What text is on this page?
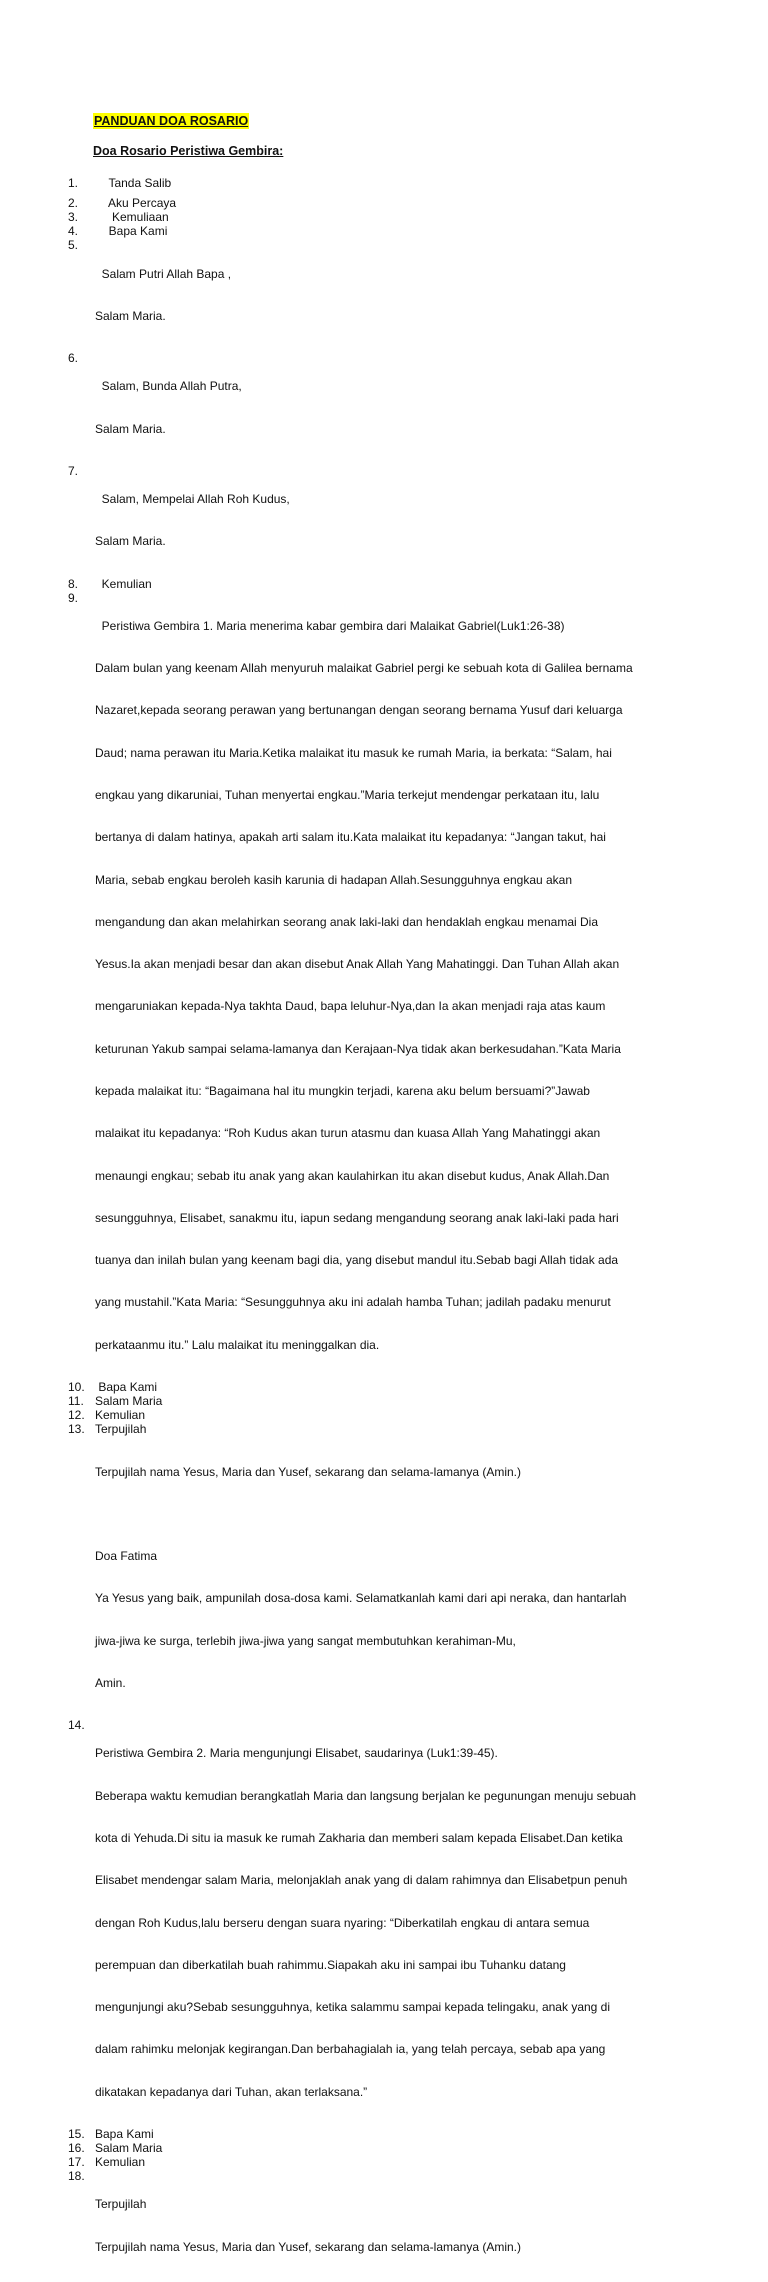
PANDUAN DOA ROSARIO
Doa Rosario Peristiwa Gembira:
1. Tanda Salib
2. Aku Percaya
3. Kemuliaan
4. Bapa Kami
5.

Salam Putri Allah Bapa ,

Salam Maria.

6.

Salam, Bunda Allah Putra,

Salam Maria.

7.

Salam, Mempelai Allah Roh Kudus,

Salam Maria.

8. Kemulian
9.

Peristiwa Gembira 1. Maria menerima kabar gembira dari Malaikat Gabriel(Luk1:26-38)

Dalam bulan yang keenam Allah menyuruh malaikat Gabriel pergi ke sebuah kota di Galilea bernama

Nazaret,kepada seorang perawan yang bertunangan dengan seorang bernama Yusuf dari keluarga

Daud; nama perawan itu Maria.Ketika malaikat itu masuk ke rumah Maria, ia berkata: “Salam, hai

engkau yang dikaruniai, Tuhan menyertai engkau.”Maria terkejut mendengar perkataan itu, lalu

bertanya di dalam hatinya, apakah arti salam itu.Kata malaikat itu kepadanya: “Jangan takut, hai

Maria, sebab engkau beroleh kasih karunia di hadapan Allah.Sesungguhnya engkau akan

mengandung dan akan melahirkan seorang anak laki-laki dan hendaklah engkau menamai Dia

Yesus.Ia akan menjadi besar dan akan disebut Anak Allah Yang Mahatinggi. Dan Tuhan Allah akan

mengaruniakan kepada-Nya takhta Daud, bapa leluhur-Nya,dan Ia akan menjadi raja atas kaum

keturunan Yakub sampai selama-lamanya dan Kerajaan-Nya tidak akan berkesudahan.”Kata Maria

kepada malaikat itu: “Bagaimana hal itu mungkin terjadi, karena aku belum bersuami?”Jawab

malaikat itu kepadanya: “Roh Kudus akan turun atasmu dan kuasa Allah Yang Mahatinggi akan

menaungi engkau; sebab itu anak yang akan kaulahirkan itu akan disebut kudus, Anak Allah.Dan

sesungguhnya, Elisabet, sanakmu itu, iapun sedang mengandung seorang anak laki-laki pada hari

tuanya dan inilah bulan yang keenam bagi dia, yang disebut mandul itu.Sebab bagi Allah tidak ada

yang mustahil.”Kata Maria: “Sesungguhnya aku ini adalah hamba Tuhan; jadilah padaku menurut

perkataanmu itu.” Lalu malaikat itu meninggalkan dia.

10. Bapa Kami
11. Salam Maria
12. Kemulian
13. Terpujilah

Terpujilah nama Yesus, Maria dan Yusef, sekarang dan selama-lamanya (Amin.)

Doa Fatima

Ya Yesus yang baik, ampunilah dosa-dosa kami. Selamatkanlah kami dari api neraka, dan hantarlah

jiwa-jiwa ke surga, terlebih jiwa-jiwa yang sangat membutuhkan kerahiman-Mu,

Amin.

14.

Peristiwa Gembira 2. Maria mengunjungi Elisabet, saudarinya (Luk1:39-45).

Beberapa waktu kemudian berangkatlah Maria dan langsung berjalan ke pegunungan menuju sebuah

kota di Yehuda.Di situ ia masuk ke rumah Zakharia dan memberi salam kepada Elisabet.Dan ketika

Elisabet mendengar salam Maria, melonjaklah anak yang di dalam rahimnya dan Elisabetpun penuh

dengan Roh Kudus,lalu berseru dengan suara nyaring: “Diberkatilah engkau di antara semua

perempuan dan diberkatilah buah rahimmu.Siapakah aku ini sampai ibu Tuhanku datang

mengunjungi aku?Sebab sesungguhnya, ketika salammu sampai kepada telingaku, anak yang di

dalam rahimku melonjak kegirangan.Dan berbahagialah ia, yang telah percaya, sebab apa yang

dikatakan kepadanya dari Tuhan, akan terlaksana.”

15. Bapa Kami
16. Salam Maria
17. Kemulian
18.

Terpujilah

Terpujilah nama Yesus, Maria dan Yusef, sekarang dan selama-lamanya (Amin.)
